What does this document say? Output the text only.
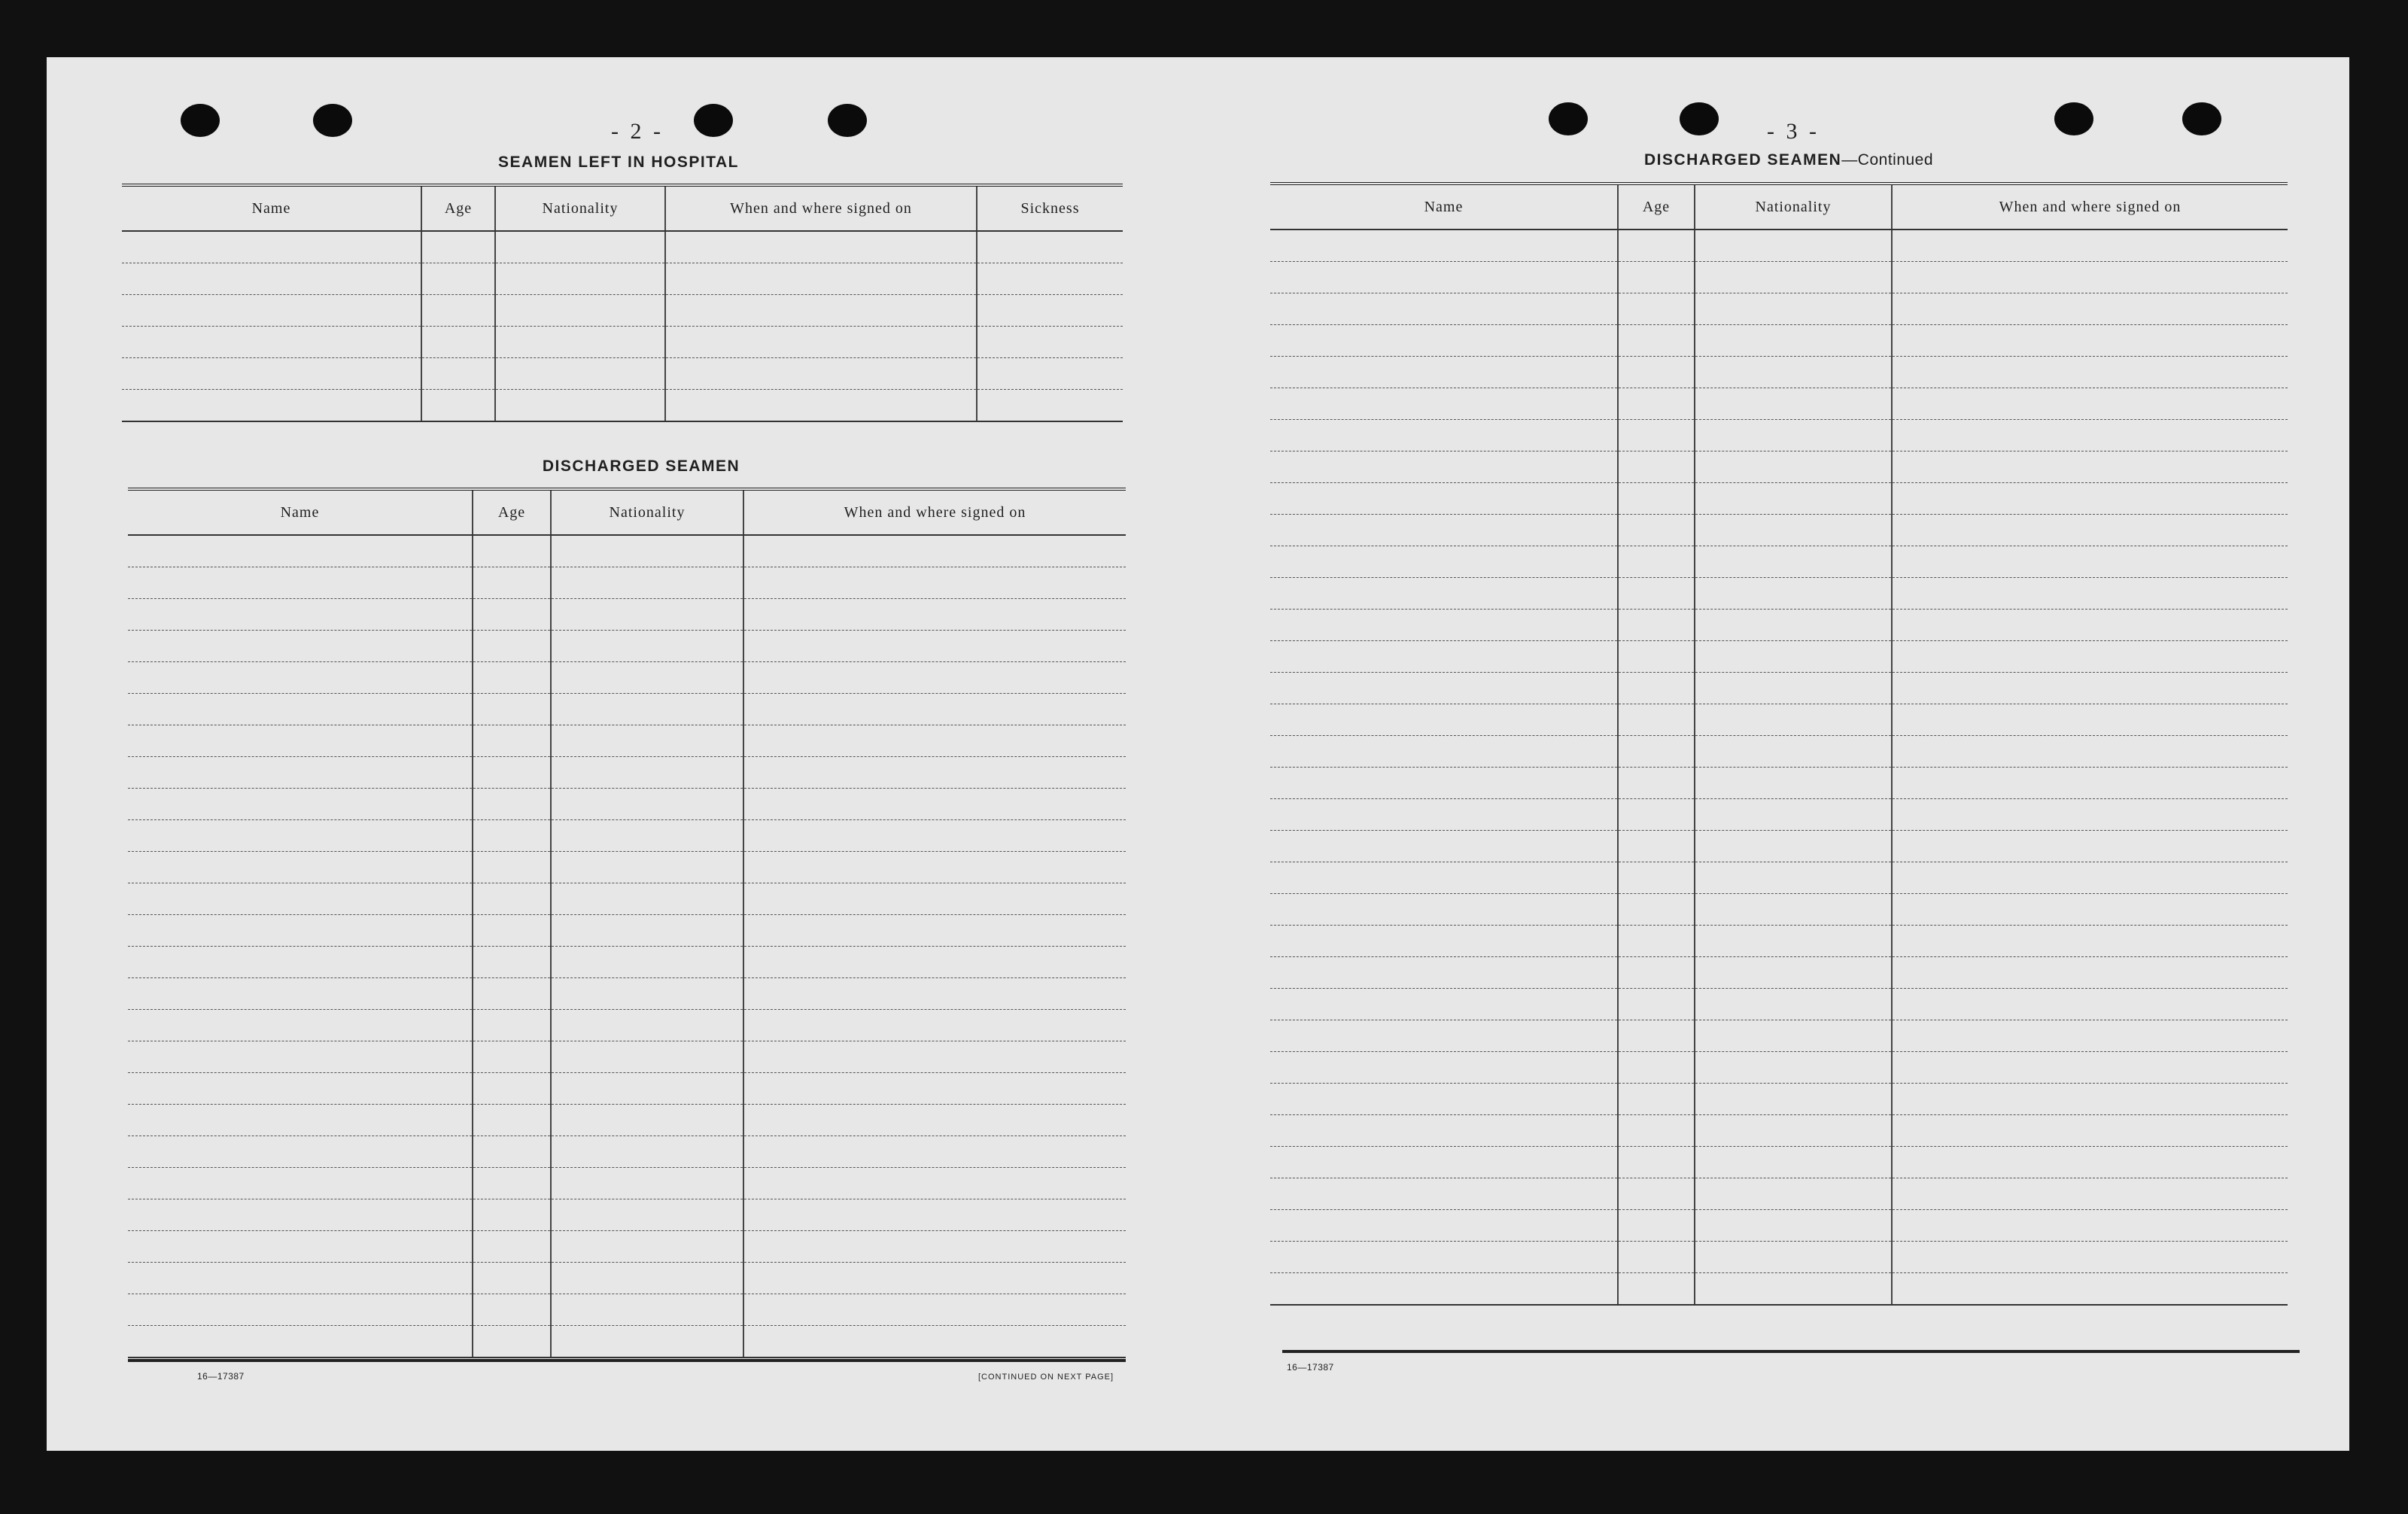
- 2 -
SEAMEN LEFT IN HOSPITAL
Name	Age	Nationality	When and where signed on	Sickness

DISCHARGED SEAMEN
Name	Age	Nationality	When and where signed on

16—17387	[CONTINUED ON NEXT PAGE]
- 3 -
DISCHARGED SEAMEN—Continued
Name	Age	Nationality	When and where signed on

16—17387
